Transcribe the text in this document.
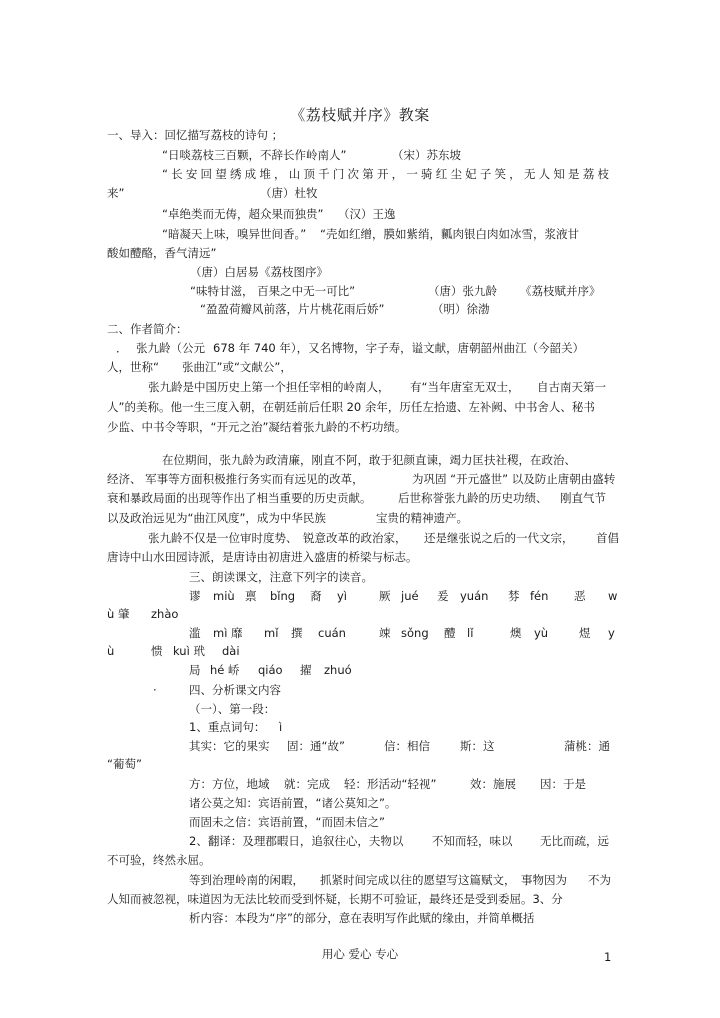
《荔枝赋并序》教案
一、导入：回忆描写荔枝的诗句 ；
“日啖荔枝三百颗，不辞长作岭南人”	（宋）苏东坡
“长安回望绣成堆，山顶千门次第开，一骑红尘妃子笑，无人知是荔枝
来”	（唐）杜牧
“卓绝类而无俦，超众果而独贵” （汉）王逸
“暗凝天上味，嗅异世间香。” “壳如红缯，膜如紫绡，瓤肉银白肉如冰雪，浆液甘
酸如醴酪，香气清远”
（唐）白居易《荔枝图序》
“味特甘滋， 百果之中无一可比”	（唐）张九龄 《荔枝赋并序》
“盈盈荷瓣风前落，片片桃花雨后娇”	（明）徐渤
二、作者简介：
． 张九龄（公元 678 年 740 年），又名博物，字子寿，谥文献，唐朝韶州曲江（今韶关）
人，世称“ 张曲江”或“文献公”，
张九龄是中国历史上第一个担任宰相的岭南人， 有“当年唐室无双士， 自古南天第一
人”的美称。他一生三度入朝，在朝廷前后任职 20 余年，历任左拾遗、左补阙、中书舍人、秘书
少监、中书令等职，“开元之治”凝结着张九龄的不朽功绩。
在位期间，张九龄为政清廉，刚直不阿，敢于犯颜直谏，竭力匡扶社稷，在政治、
经济、 军事等方面积极推行务实而有远见的改革，	为巩固 “开元盛世” 以及防止唐朝由盛转
衰和暴政局面的出现等作出了相当重要的历史贡献。 后世称誉张九龄的历史功绩、 刚直气节
以及政治远见为“曲江风度”，成为中华民族	宝贵的精神遗产。
张九龄不仅是一位审时度势、 锐意改革的政治家， 还是继张说之后的一代文宗， 首倡
唐诗中山水田园诗派，是唐诗由初唐进入盛唐的桥梁与标志。
三、朗读课文，注意下列字的读音。
谬 miù 禀 bǐng 裔 yì	厥 jué 爰 yuán 棼 fén 恶 w
ù 肇 zhào
滥 mì 靡 mǐ 撰 cuán	竦 sǒng 醴 lǐ	燠 yù	煜 y
ù	愦 kuì 玳 dài
局 hé 峤 qiáo 擢 zhuó
·	四、分析课文内容
（一）、第一段：
1、重点词句： ì
其实：它的果实 固：通“故”	信：相信	斯：这	蒲桃：通
“葡萄”
方：方位，地域 就：完成 轻：形活动“轻视”	效：施展 因：于是
诸公莫之知：宾语前置，“诸公莫知之”。
而固未之信：宾语前置，“而固未信之”
2、翻译：及理郡暇日，追叙往心，夫物以 不知而轻，味以 无比而疏，远
不可验，终然永屈。
等到治理岭南的闲暇， 抓紧时间完成以往的愿望写这篇赋文， 事物因为 不为
人知而被忽视，味道因为无法比较而受到怀疑，长期不可验证，最终还是受到委屈。3、分
析内容：本段为“序”的部分，意在表明写作此赋的缘由，并简单概括
用心 爱心 专心	1
